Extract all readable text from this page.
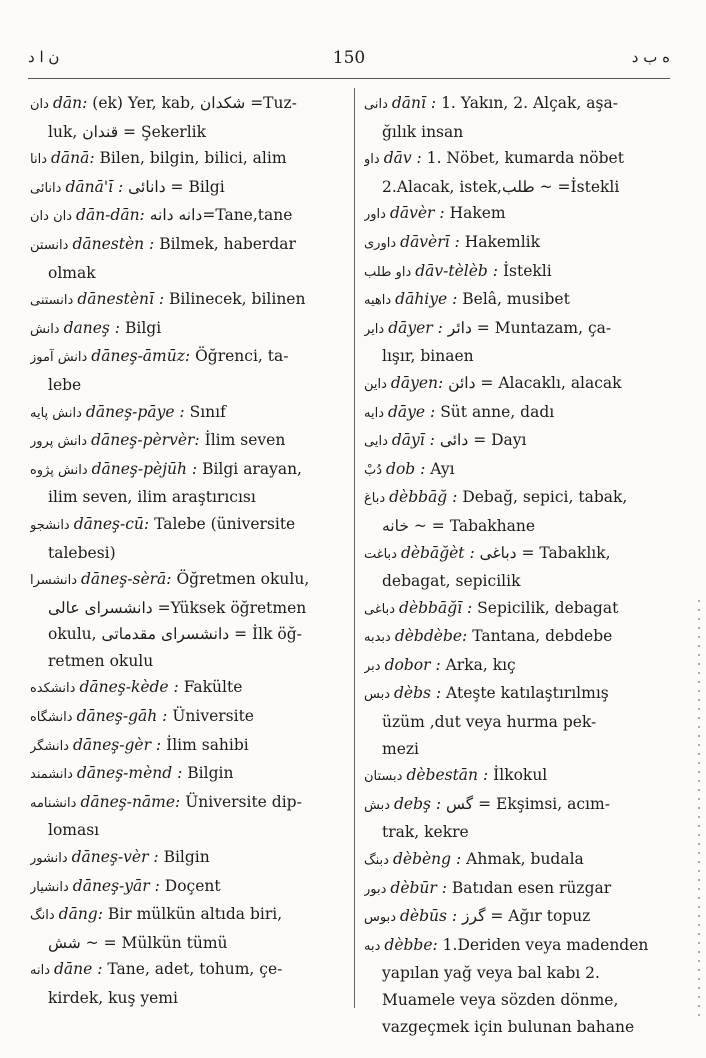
ن ا د	150	ه ب د
دان dān: (ek) Yer, kab, شكدان =Tuz-
luk, قندان = Şekerlik
دانا dānā: Bilen, bilgin, bilici, alim
دانائى dānā'ī : دانائى = Bilgi
دان دان dān-dān: دانه دانه=Tane,tane
دانستن dānestèn : Bilmek, haberdar
olmak
دانستنى dānestènī : Bilinecek, bilinen
دانش daneş : Bilgi
دانش آموز dāneş-āmūz: Öğrenci, ta-
lebe
دانش پايه dāneş-pāye : Sınıf
دانش پرور dāneş-pèrvèr: İlim seven
دانش پژوه dāneş-pèjūh : Bilgi arayan,
ilim seven, ilim araştırıcısı
دانشجو dāneş-cū: Talebe (üniversite
talebesi)
دانشسرا dāneş-sèrā: Öğretmen okulu,
دانشسراى عالى =Yüksek öğretmen
okulu, دانشسراى مقدماتى = İlk öğ-
retmen okulu
دانشكده dāneş-kède : Fakülte
دانشگاه dāneş-gāh : Üniversite
دانشگر dāneş-gèr : İlim sahibi
دانشمند dāneş-mènd : Bilgin
دانشنامه dāneş-nāme: Üniversite dip-
loması
دانشور dāneş-vèr : Bilgin
دانشيار dāneş-yār : Doçent
دانگ dāng: Bir mülkün altıda biri,
شش ~ = Mülkün tümü
دانه dāne : Tane, adet, tohum, çe-
kirdek, kuş yemi
دانى dānī : 1. Yakın, 2. Alçak, aşa-
ğılık insan
داو dāv : 1. Nöbet, kumarda nöbet
2.Alacak, istek,طلب ~ =İstekli
داور dāvèr : Hakem
داورى dāvèrī : Hakemlik
داو طلب dāv-tèlèb : İstekli
داهيه dāhiye : Belâ, musibet
داير dāyer : دائر = Muntazam, ça-
lışır, binaen
داين dāyen: دائن = Alacaklı, alacak
دايه dāye : Süt anne, dadı
دايى dāyī : دائى = Dayı
دُبْ dob : Ayı
دباغ dèbbāğ : Debağ, sepici, tabak,
خانه ~ = Tabakhane
دباغت dèbāğèt : دباغى = Tabaklık,
debagat, sepicilik
دباغى dèbbāğī : Sepicilik, debagat
دبدبه dèbdèbe: Tantana, debdebe
دبر dobor : Arka, kıç
دبس dèbs : Ateşte katılaştırılmış
üzüm ,dut veya hurma pek-
mezi
دبستان dèbestān : İlkokul
دبش debş : گس = Ekşimsi, acım-
trak, kekre
دبنگ dèbèng : Ahmak, budala
دبور dèbūr : Batıdan esen rüzgar
دبوس dèbūs : گرز = Ağır topuz
دبه dèbbe: 1.Deriden veya madenden
yapılan yağ veya bal kabı 2.
Muamele veya sözden dönme,
vazgeçmek için bulunan bahane
